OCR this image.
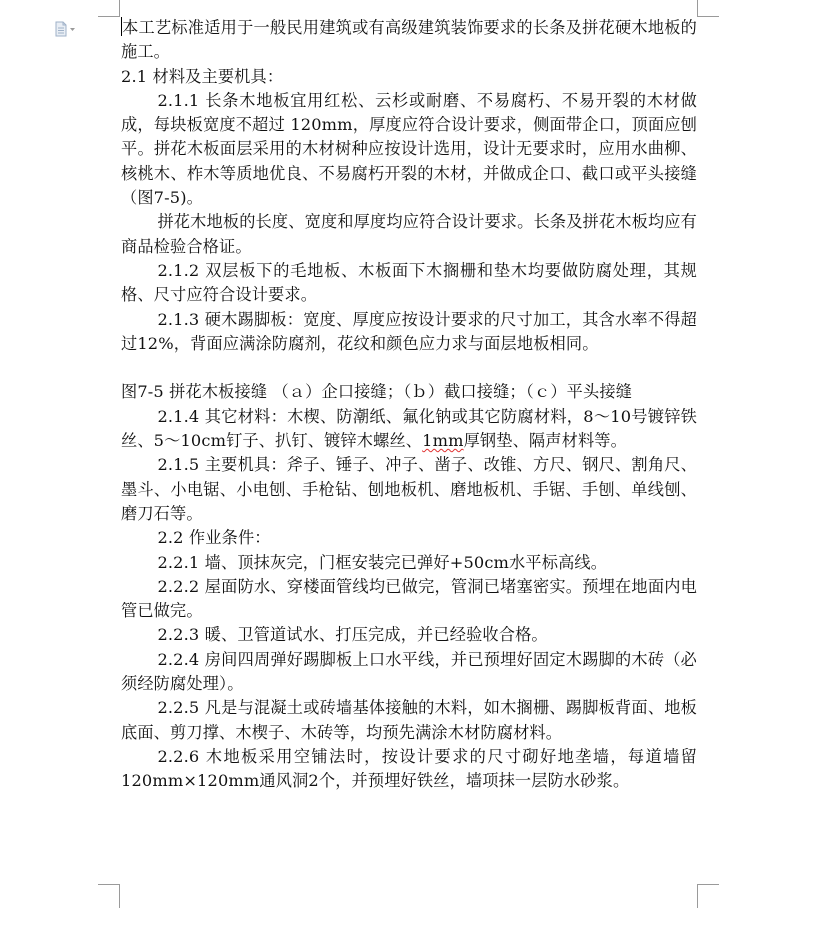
本工艺标准适用于一般民用建筑或有高级建筑装饰要求的长条及拼花硬木地板的施工。

2.1 材料及主要机具：

2.1.1 长条木地板宜用红松、云杉或耐磨、不易腐朽、不易开裂的木材做成，每块板宽度不超过 120mm，厚度应符合设计要求，侧面带企口，顶面应刨平。拼花木板面层采用的木材树种应按设计选用，设计无要求时，应用水曲柳、核桃木、柞木等质地优良、不易腐朽开裂的木材，并做成企口、截口或平头接缝（图7-5)。

拼花木地板的长度、宽度和厚度均应符合设计要求。长条及拼花木板均应有商品检验合格证。

2.1.2 双层板下的毛地板、木板面下木搁栅和垫木均要做防腐处理，其规格、尺寸应符合设计要求。

2.1.3 硬木踢脚板：宽度、厚度应按设计要求的尺寸加工，其含水率不得超过12%，背面应满涂防腐剂，花纹和颜色应力求与面层地板相同。

图7-5 拼花木板接缝 （ａ）企口接缝；（ｂ）截口接缝；（ｃ）平头接缝

2.1.4 其它材料：木楔、防潮纸、氟化钠或其它防腐材料，8～10号镀锌铁丝、5～10cm钉子、扒钉、镀锌木螺丝、1mm厚钢垫、隔声材料等。

2.1.5 主要机具：斧子、锤子、冲子、凿子、改锥、方尺、钢尺、割角尺、墨斗、小电锯、小电刨、手枪钻、刨地板机、磨地板机、手锯、手刨、单线刨、磨刀石等。

2.2 作业条件：

2.2.1 墙、顶抹灰完，门框安装完已弹好+50cm水平标高线。

2.2.2 屋面防水、穿楼面管线均已做完，管洞已堵塞密实。预埋在地面内电管已做完。

2.2.3 暖、卫管道试水、打压完成，并已经验收合格。

2.2.4 房间四周弹好踢脚板上口水平线，并已预埋好固定木踢脚的木砖（必须经防腐处理）。

2.2.5 凡是与混凝土或砖墙基体接触的木料，如木搁栅、踢脚板背面、地板底面、剪刀撑、木楔子、木砖等，均预先满涂木材防腐材料。

2.2.6 木地板采用空铺法时，按设计要求的尺寸砌好地垄墙，每道墙留120mm×120mm通风洞2个，并预埋好铁丝，墙项抹一层防水砂浆。
